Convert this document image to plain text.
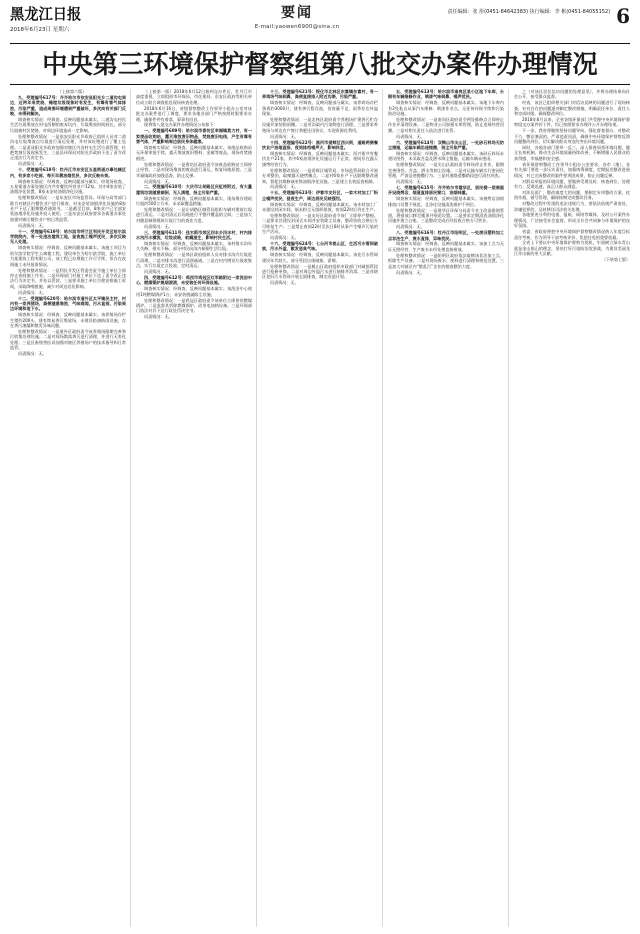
黑龙江日报
2018年6月23日 星期六
要闻
E-mail:yaowen6900@sina.cn
责任编辑：张 彤(0451-84642383) 执行编辑：李 彬(0451-84055152) 6
中央第三环境保护督察组第八批交办案件办理情况

（上接第六版）

九、受理编号617号：齐齐哈尔市依安县阳光乡二道沟屯周边，近两年来焚烧、掩埋垃圾现象时有发生，有毒有害气体排放，污染严重，造成周围环境遭到严重破坏，多次向有关部门反映，未得到解决。

调查核实情况：经调查，反映问题基本属实。二道沟屯村民生活垃圾堆放在村屯西侧的废弃坑内，垃圾堆放时间较长，部分垃圾被村民焚烧，对周边环境造成一定影响。

处理和整改情况：一是依安县阳光乡政府已组织人员对二道沟屯垃圾堆放点垃圾进行清运处理，并对该坑塘进行了覆土处理。二是责成阳光乡政府加强对辖区内各村屯生活垃圾管理，杜绝焚烧垃圾现象发生。三是县环保局对阳光乡政府下达了责令改正违法行为决定书。

问责情况：无。

十、受理编号618号：牡丹江市东安区五星街道办事处辖区内，有多家小吃部，每天早晨油烟扰民，多次反映未果。

调查核实情况：经调查，反映问题部分属实。经现场检查，五星街道办事处辖区内共有餐饮经营业户12家，其中4家安装了油烟净化装置，8家未安装油烟净化设施。

处理和整改情况：一是东安区市场监管局、环保分局等部门联合对辖区内餐饮业户进行排查，对未安装油烟净化设施的8家业户下达了限期整改通知书。二是截至目前，8家业户已全部安装油烟净化设施并投入使用。三是东安区政府要求各街道办事处加强对辖区餐饮业户的日常监管。

问责情况：无。

十一、受理编号619号：哈尔滨市呼兰区利民开发区哈尔滨学院院内，有一处违法建筑工地，昼夜施工噪声扰民，多次反映无人处理。

调查核实情况：经调查，反映问题基本属实。该施工项目为哈尔滨学院学生公寓楼工程，建设单位为哈尔滨学院，施工单位为某建筑工程有限公司，该工程已办理施工许可手续，但存在夜间施工未经批准情况。

处理和整改情况：一是利民开发区管委会责令施工单位立即停止夜间施工作业。二是环保部门对施工单位下达了责令改正违法行为决定书，并处以罚款。三是要求施工单位合理安排施工时间，采取降噪措施，减少对周边居民影响。

问责情况：无。

十二、受理编号620号：哈尔滨市道外区太平镇民主村，村内有一家养猪场，粪便随意堆放，气味难闻，污水直排，污染周边环境和地下水。

调查核实情况：经调查，反映问题基本属实。该养殖场存栏生猪约200头，建有简易粪污堆放场，未建设防渗防雨设施，存在粪污渗漏和散发异味问题。

处理和整改情况：一是道外区政府责令该养殖场限期完善粪污收集处理设施。二是对现场散落粪污进行清理，并进行无害化处理。三是区畜牧兽医局加强对辖区养殖场户的技术指导和日常监管。

问责情况：无。

（上接第一版）2018年6月12日接到交办件后，牡丹江市高度重视，立即组织市环保局、市住建局、东安区政府等相关单位成立联合调查组赴现场核查处理。

2018年6月16日，省级督察整改工作领导小组办公室对该批交办案件进行了调度，要求各地各部门严格按照时限要求办理，确保件件有着落、事事有回音。

现将第八批交办案件办理情况公布如下：

一、受理编号609号：哈尔滨市香坊区幸福镇莫力村，有一家废品收购站，露天堆放废旧物品，焚烧废旧电线，产生有毒有害气体，严重影响周边居民身体健康。

调查核实情况：经调查，反映问题基本属实。该废品收购站无环保审批手续，露天堆放废旧塑料、金属等废品，现场有焚烧痕迹。

处理和整改情况：一是香坊区政府责令该废品收购站立即停止经营。二是对现场堆放的废品进行清运，恢复场地原貌。三是幸福镇政府加强巡查，防止反弹。

问责情况：无。

二、受理编号610号：大庆市让胡路区庆虹桥附近，有大量建筑垃圾随意倾倒，无人清理，扬尘污染严重。

调查核实情况：经调查，反映问题基本属实。现场堆存建筑垃圾约500立方米，未采取覆盖措施。

处理和整改情况：一是让胡路区城管局组织车辆对建筑垃圾进行清运。二是对清运后场地进行平整并覆盖防尘网。三是加大对随意倾倒建筑垃圾行为的查处力度。

问责情况：无。

三、受理编号611号：佳木斯市郊区四丰乡四丰村，村内排水沟污水横流，垃圾成堆，蚊蝇滋生，影响村民生活。

调查核实情况：经调查，反映问题基本属实。该村排水沟年久失修，排水不畅，部分村民向沟内倾倒生活垃圾。

处理和整改情况：一是郊区政府组织人员对排水沟内垃圾进行清理。二是对排水沟进行清淤疏通。三是在村内增设垃圾收集点，实行垃圾定点投放、定时清运。

问责情况：无。

四、受理编号612号：鸡西市鸡冠区红军路附近一家洗浴中心，燃煤锅炉黑烟滚滚，未安装任何环保设施。

调查核实情况：经调查，反映问题基本属实。该洗浴中心使用1吨燃煤锅炉1台，未安装脱硫除尘设施。

处理和整改情况：一是鸡冠区政府责令该单位立即停用燃煤锅炉。二是监督其拆除燃煤锅炉，改用电加热设备。三是环保部门依法对其下达行政处罚决定书。

问责情况：无。

十三、受理编号621号：绥化市北林区东富镇东富村，有一养鸡场气味刺鼻，粪便直接排入附近沟渠，污染严重。

调查核实情况：经调查，反映问题部分属实。该养鸡场存栏蛋鸡约3000只，建有粪污暂存池，但容量不足，雨季存在外溢现象。

处理和整改情况：一是北林区政府责令养殖场扩建粪污贮存设施并加装防雨棚。二是对沟渠内污染物进行清理。三是要求养殖场与周边农户签订粪肥还田协议，实现资源化利用。

问责情况：无。

十四、受理编号622号：黑河市爱辉区西兴街，道路两侧餐饮业户油烟直排，夜间排档噪声大，影响休息。

调查核实情况：经调查，反映问题基本属实。西兴街共有餐饮业户21家，其中6家油烟净化设施运行不正常，夜间存在露天烧烤经营行为。

处理和整改情况：一是爱辉区城管局、市场监管局联合开展专项整治，取缔露天烧烤摊点。二是对6家业户下达限期整改通知，督促其维修或更换油烟净化设施。三是建立长效巡查机制。

问责情况：无。

十五、受理编号623号：伊春市友好区，一家木材加工厂粉尘噪声扰民，昼夜生产，周边居民反映强烈。

调查核实情况：经调查，反映问题基本属实。该木材加工厂未建设封闭车间，锯末粉尘无组织排放，夜间22时后仍在生产。

处理和整改情况：一是友好区政府责令该厂立即停产整顿。二是要求其建设封闭式车间并安装除尘设备，整改验收合格后方可恢复生产。三是禁止夜间22时至次日6时从事产生噪声污染的生产活动。

问责情况：无。

十六、受理编号624号：七台河市桃山区，生活污水管网破损，污水外溢，散发恶臭气味。

调查核实情况：经调查，反映问题基本属实。该处污水管网建设年代较久，部分管段出现破损、淤堵。

处理和整改情况：一是桃山区政府组织市政部门对破损管段进行抢修更换。二是对周边外溢污水进行抽排并消毒。三是对辖区老旧污水管网开展全面排查，制定改造计划。

问责情况：无。

五、受理编号613号：哈尔滨市南岗区某小区地下车库，长期有车辆维修作业，喷漆气味刺鼻，噪声扰民。

调查核实情况：经调查，反映问题基本属实。该地下车库内有2处私自从事汽车维修、喷漆作业点，无任何环保手续和污染防治设施。

处理和整改情况：一是南岗区政府责令两处维修点立即停止作业并清理设备。二是物业公司加强车库管理，防止违规经营回潮。三是对相关责任人依法进行处罚。

问责情况：无。

六、受理编号614号：双鸭山市尖山区，一处砂石料场无防尘措施，运输车辆沿途抛撒，扬尘污染严重。

调查核实情况：经调查，反映问题基本属实。该砂石料场未建设围挡、未采取苫盖及洒水降尘措施，运输车辆未密闭。

处理和整改情况：一是尖山区政府责令料场停止作业，限期完善围挡、苫盖、洒水等抑尘设施。二是对运输车辆实行密闭化管理，严查沿途抛撒行为。三是对道路遗撒路段进行清扫冲洗。

问责情况：无。

七、受理编号615号：齐齐哈尔市建华区，居民楼一层商服开设烧烤店，烟道直排居民窗口，油烟味重。

调查核实情况：经调查，反映问题基本属实。该烧烤店油烟排放口设置不规范，且净化设施清洗维护不到位。

处理和整改情况：一是建华区环保分局责令业主改造排烟管道，将排放口移至楼顶并规范设置。二是要求定期清洗油烟净化设施并建立台账。三是整改完成后经验收合格方可营业。

问责情况：无。

八、受理编号616号：牡丹江市阳明区，一处废旧塑料加工点非法生产，废水直排，异味扰民。

调查核实情况：经调查，反映问题基本属实。该加工点为无证无照经营，生产废水未经处理直接排放。

处理和整改情况：一是阳明区政府依法取缔该非法加工点，拆除生产设备。二是对现场废水、废料进行清理和规范处置。三是加大对辖区内“散乱污”企业的排查整治力度。

问责情况：无。

之（对该区居民信访问题的处理意见），并将办理结果向社会公开，接受群众监督。

经查，该区已组织相关部门对信访反映的问题进行了现场核查，针对存在的问题逐项制定整改措施，明确责任单位、责任人和完成时限，确保整改到位。

2018年6月以来，全省各级环保部门共受理中央环境保护督察组交办案件若干件，均已按照要求办理并公开办理结果。

下一步，我省将继续坚持问题导向，强化督查督办，对整改不力、敷衍塞责的，严肃追责问责，确保中央环境保护督察反馈问题整改到位，切实解决群众身边的突出环境问题。

同时，各地各部门要举一反三，深入排查同类环境问题，健全长效机制，推动生态环境质量持续改善，不断增强人民群众的获得感、幸福感和安全感。

省环保督察整改工作领导小组办公室要求，各市（地）、各有关部门要进一步压实责任，加强统筹调度，定期报送整改进展情况，对已完成整改的案件要巩固成果，防止问题反弹。

对群众举报的环境问题，要做到受理及时、核查到位、处理有力、反馈迅速，真正让群众满意。

对涉及面广、整改难度大的问题，要制定专项整改方案，挂图作战，销号管理，确保按期完成整改任务。

对整改过程中发现的违法违规行为，要依法依规严肃查处，涉嫌犯罪的，及时移送司法机关处理。

各地要充分利用电视、报纸、网络等媒体，及时公开案件办理情况，广泛接受社会监督，形成全社会共同参与环境保护的良好氛围。

省委、省政府将把中央环境保护督察整改情况纳入年度目标责任考核，作为领导干部考核评价、奖惩任免的重要依据。

全省上下要以中央环境保护督察为契机，牢固树立绿水青山就是金山银山的理念，坚决打好污染防治攻坚战，为建设美丽龙江作出新的更大贡献。

（下转第七版）
